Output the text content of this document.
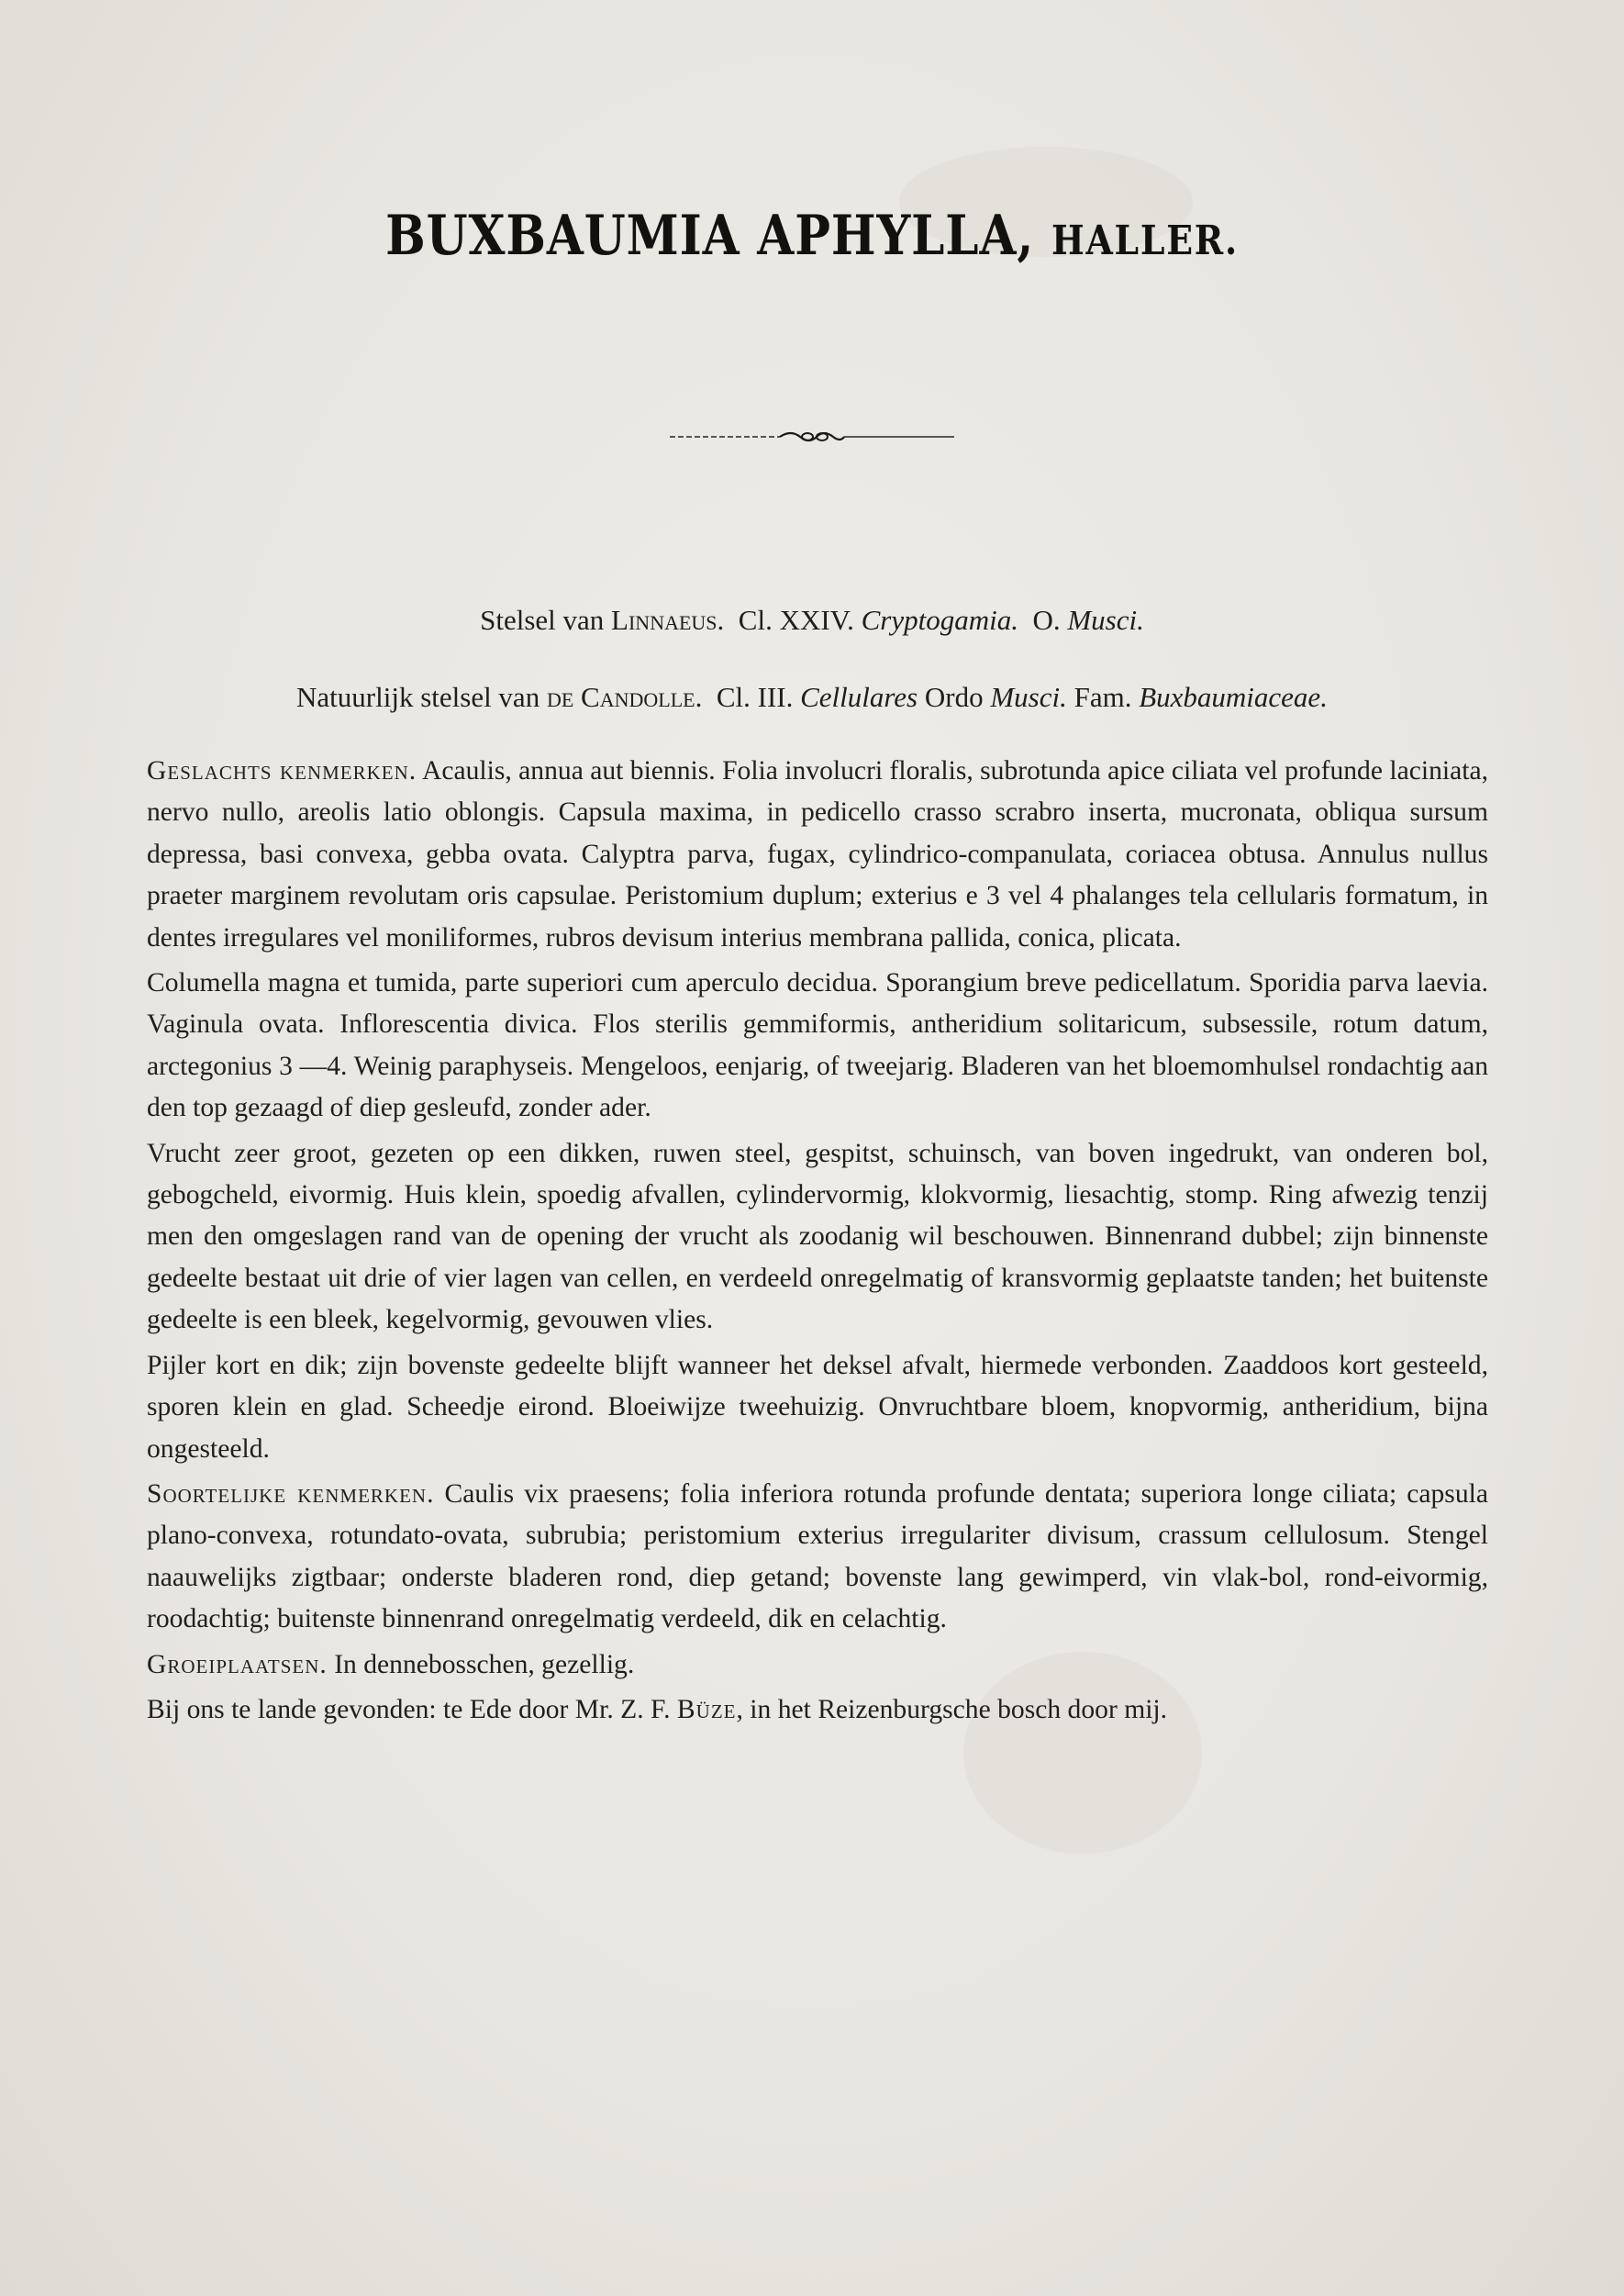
BUXBAUMIA APHYLLA, HALLER.
Stelsel van Linnaeus. Cl. XXIV. Cryptogamia. O. Musci.
Natuurlijk stelsel van de Candolle. Cl. III. Cellulares Ordo Musci. Fam. Buxbaumiaceae.

Geslachts kenmerken. Acaulis, annua aut biennis. Folia involucri floralis, subrotunda apice ciliata vel profunde laciniata, nervo nullo, areolis latio oblongis. Capsula maxima, in pedicello crasso scrabro inserta, mucronata, obliqua sursum depressa, basi convexa, gebba ovata. Calyptra parva, fugax, cylindrico-companulata, coriacea obtusa. Annulus nullus praeter marginem revolutam oris capsulae. Peristomium duplum; exterius e 3 vel 4 phalanges tela cellularis formatum, in dentes irregulares vel moniliformes, rubros devisum interius membrana pallida, conica, plicata.

Columella magna et tumida, parte superiori cum aperculo decidua. Sporangium breve pedicellatum. Sporidia parva laevia. Vaginula ovata. Inflorescentia divica. Flos sterilis gemmiformis, antheridium solitaricum, subsessile, rotum datum, arctegonius 3 —4. Weinig paraphyseis. Mengeloos, eenjarig, of tweejarig. Bladeren van het bloemomhulsel rondachtig aan den top gezaagd of diep gesleufd, zonder ader.

Vrucht zeer groot, gezeten op een dikken, ruwen steel, gespitst, schuinsch, van boven ingedrukt, van onderen bol, gebogcheld, eivormig. Huis klein, spoedig afvallen, cylindervormig, klokvormig, liesachtig, stomp. Ring afwezig tenzij men den omgeslagen rand van de opening der vrucht als zoodanig wil beschouwen. Binnenrand dubbel; zijn binnenste gedeelte bestaat uit drie of vier lagen van cellen, en verdeeld onregelmatig of kransvormig geplaatste tanden; het buitenste gedeelte is een bleek, kegelvormig, gevouwen vlies.

Pijler kort en dik; zijn bovenste gedeelte blijft wanneer het deksel afvalt, hiermede verbonden. Zaaddoos kort gesteeld, sporen klein en glad. Scheedje eirond. Bloeiwijze tweehuizig. Onvruchtbare bloem, knopvormig, antheridium, bijna ongesteeld.

Soortelijke kenmerken. Caulis vix praesens; folia inferiora rotunda profunde dentata; superiora longe ciliata; capsula plano-convexa, rotundato-ovata, subrubia; peristomium exterius irregulariter divisum, crassum cellulosum. Stengel naauwelijks zigtbaar; onderste bladeren rond, diep getand; bovenste lang gewimperd, vin vlak-bol, rond-eivormig, roodachtig; buitenste binnenrand onregelmatig verdeeld, dik en celachtig.

Groeiplaatsen. In dennebosschen, gezellig.

Bij ons te lande gevonden: te Ede door Mr. Z. F. Büze, in het Reizenburgsche bosch door mij.
